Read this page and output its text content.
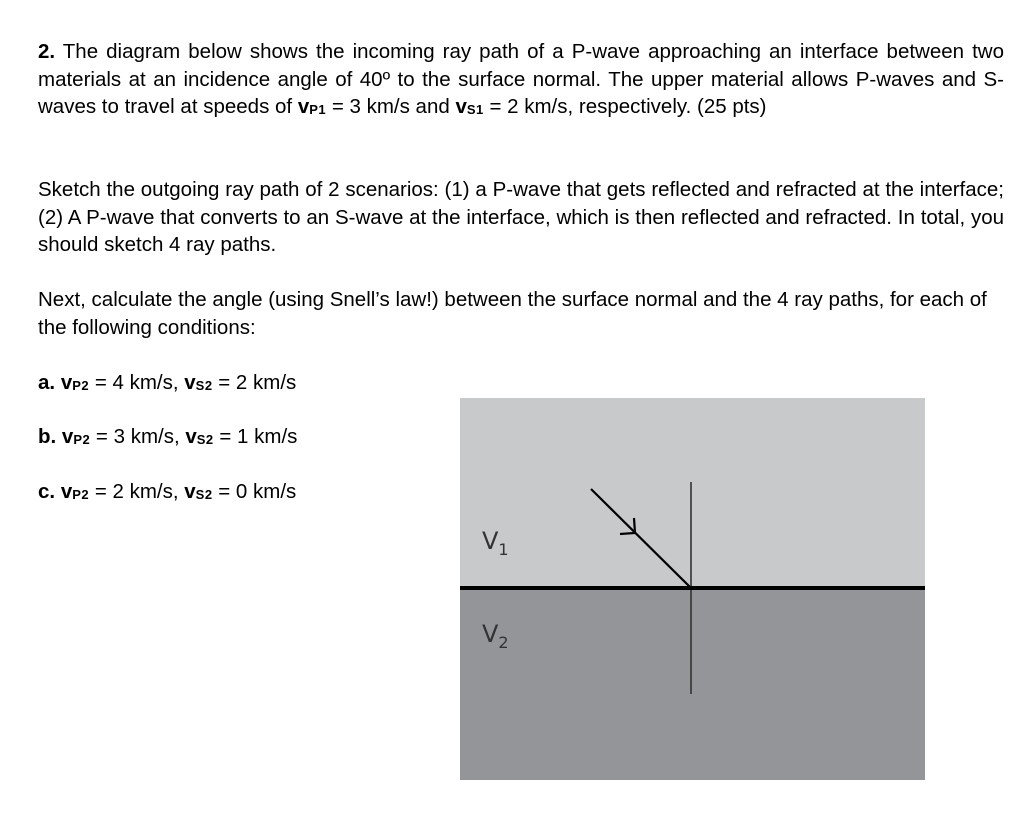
2. The diagram below shows the incoming ray path of a P-wave approaching an interface between two materials at an incidence angle of 40º to the surface normal. The upper material allows P-waves and S-waves to travel at speeds of $v_{P1} = 3$ km/s and $v_{S1} = 2$ km/s, respectively. (25 pts)

Sketch the outgoing ray path of 2 scenarios: (1) a P-wave that gets reflected and refracted at the interface; (2) A P-wave that converts to an S-wave at the interface, which is then reflected and refracted. In total, you should sketch 4 ray paths.

Next, calculate the angle (using Snell’s law!) between the surface normal and the 4 ray paths, for each of the following conditions:

a. $v_{P2} = 4$ km/s, $v_{S2} = 2$ km/s

b. $v_{P2} = 3$ km/s, $v_{S2} = 1$ km/s

c. $v_{P2} = 2$ km/s, $v_{S2} = 0$ km/s

$V_1$
$V_2$
